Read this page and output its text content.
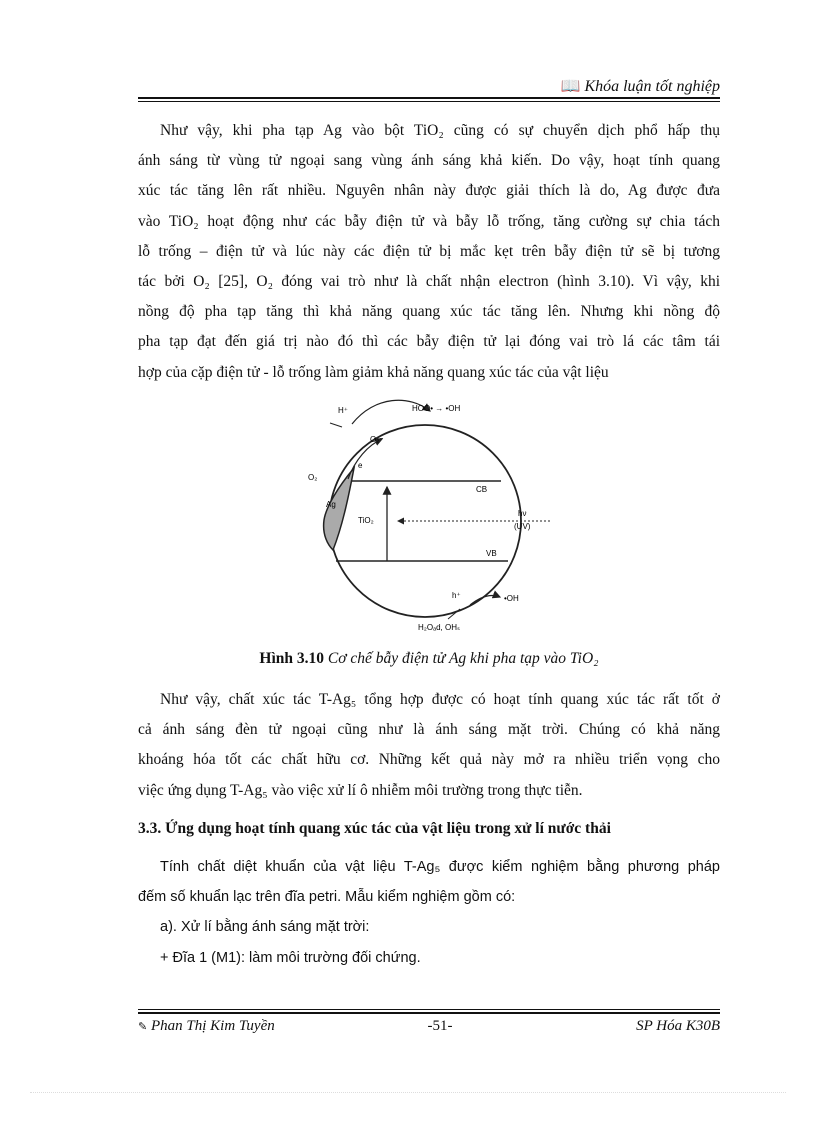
📖 Khóa luận tốt nghiệp
Như vậy, khi pha tạp Ag vào bột TiO₂ cũng có sự chuyển dịch phổ hấp thụ
ánh sáng từ vùng tử ngoại sang vùng ánh sáng khả kiến. Do vậy, hoạt tính quang
xúc tác tăng lên rất nhiều. Nguyên nhân này được giải thích là do, Ag được đưa
vào TiO₂ hoạt động như các bẫy điện tử và bẫy lỗ trống, tăng cường sự chia tách
lỗ trống – điện tử và lúc này các điện tử bị mắc kẹt trên bẫy điện tử sẽ bị tương
tác bởi O₂ [25], O₂ đóng vai trò như là chất nhận electron (hình 3.10). Vì vậy, khi
nồng độ pha tạp tăng thì khả năng quang xúc tác tăng lên. Nhưng khi nồng độ
pha tạp đạt đến giá trị nào đó thì các bẫy điện tử lại đóng vai trò lá các tâm tái
hợp của cặp điện tử - lỗ trống làm giảm khả năng quang xúc tác của vật liệu
H⁺	HOO• → •OH
O₂⁻
O₂
e
Ag
TiO₂
CB
VB
hν
(UV)
h⁺	•OH
H₂Oₐd, OHₛ
Hình 3.10 Cơ chế bẫy điện tử Ag khi pha tạp vào TiO₂
Như vậy, chất xúc tác T-Ag₅ tổng hợp được có hoạt tính quang xúc tác rất tốt ở
cả ánh sáng đèn tử ngoại cũng như là ánh sáng mặt trời. Chúng có khả năng
khoáng hóa tốt các chất hữu cơ. Những kết quả này mở ra nhiều triển vọng cho
việc ứng dụng T-Ag₅ vào việc xử lí ô nhiễm môi trường trong thực tiễn.
3.3. Ứng dụng hoạt tính quang xúc tác của vật liệu trong xử lí nước thải
Tính chất diệt khuẩn của vật liệu T-Ag₅ được kiểm nghiệm bằng phương pháp
đếm số khuẩn lạc trên đĩa petri. Mẫu kiểm nghiệm gồm có:
a). Xử lí bằng ánh sáng mặt trời:
+ Đĩa 1 (M1): làm môi trường đối chứng.
✎ Phan Thị Kim Tuyền	-51-	SP Hóa K30B
